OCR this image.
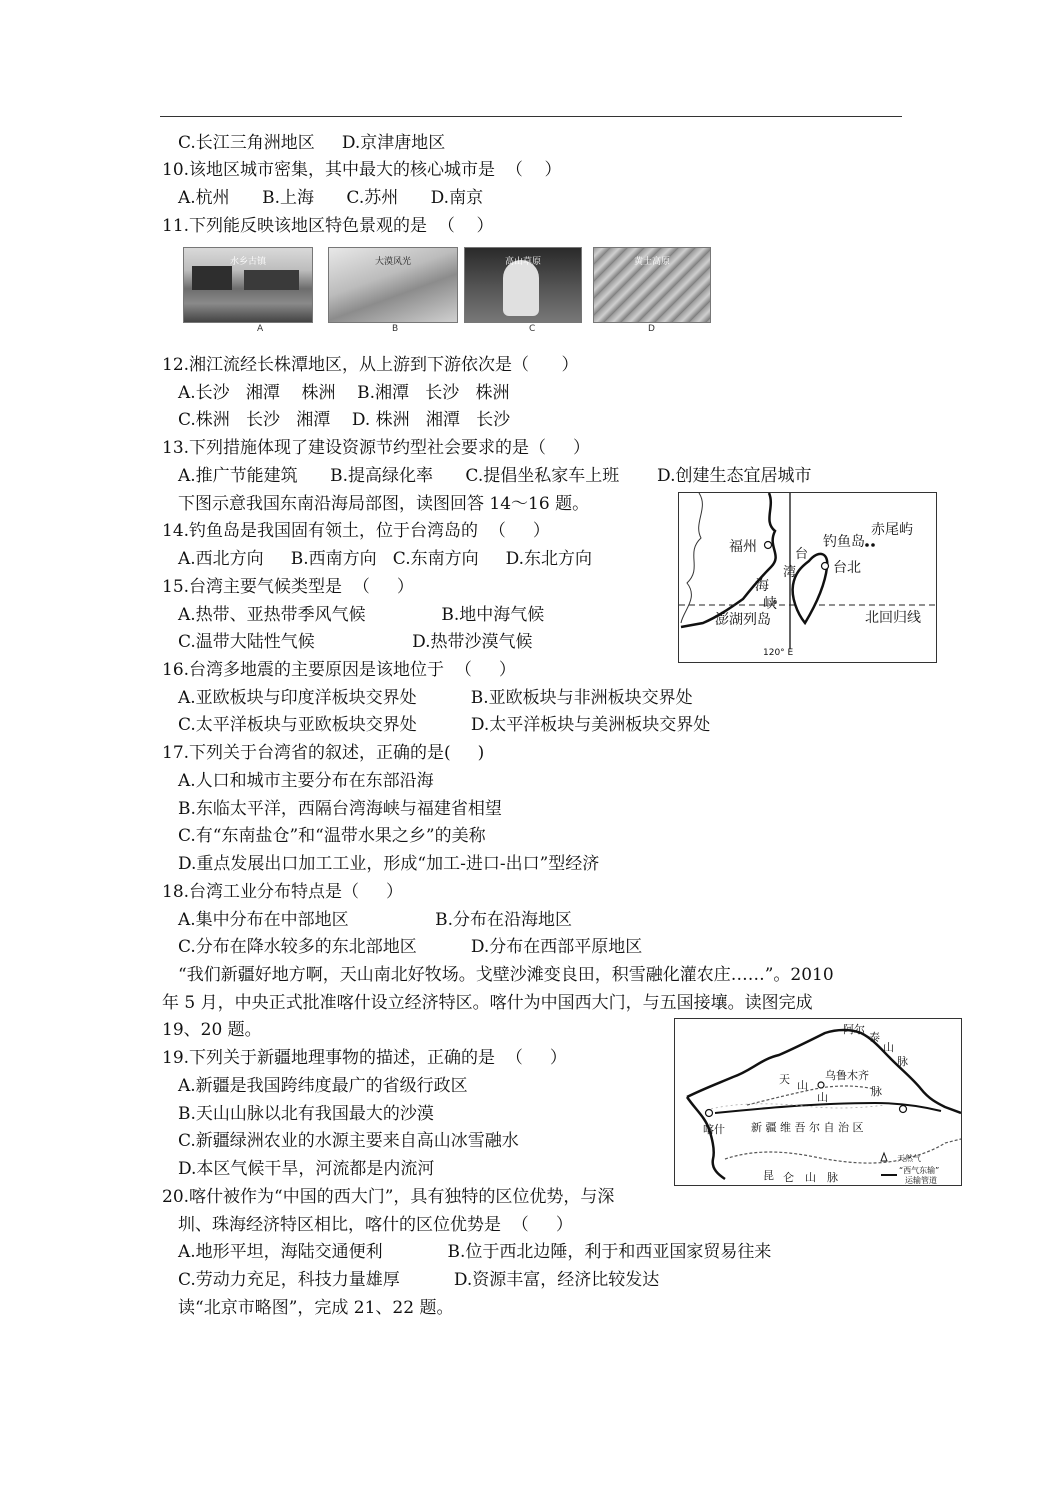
C.长江三角洲地区     D.京津唐地区
10.该地区城市密集，其中最大的核心城市是  （    ）
A.杭州      B.上海      C.苏州      D.南京
11.下列能反映该地区特色景观的是  （    ）
水乡古镇	大漠风光	高山草原	黄土高原
A	B	C	D
12.湘江流经长株潭地区，从上游到下游依次是（      ）
A.长沙   湘潭    株洲    B.湘潭   长沙   株洲
C.株洲   长沙   湘潭    D. 株洲   湘潭   长沙
13.下列措施体现了建设资源节约型社会要求的是（     ）
A.推广节能建筑      B.提高绿化率      C.提倡坐私家车上班       D.创建生态宜居城市
下图示意我国东南沿海局部图，读图回答 14～16 题。
14.钓鱼岛是我国固有领土，位于台湾岛的  （     ）
A.西北方向     B.西南方向   C.东南方向     D.东北方向
15.台湾主要气候类型是  （     ）
A.热带、亚热带季风气候              B.地中海气候
C.温带大陆性气候                  D.热带沙漠气候
16.台湾多地震的主要原因是该地位于  （     ）
A.亚欧板块与印度洋板块交界处          B.亚欧板块与非洲板块交界处
C.太平洋板块与亚欧板块交界处          D.太平洋板块与美洲板块交界处
17.下列关于台湾省的叙述，正确的是(     )
A.人口和城市主要分布在东部沿海
B.东临太平洋，西隔台湾海峡与福建省相望
C.有“东南盐仓”和“温带水果之乡”的美称
D.重点发展出口加工工业，形成“加工-进口-出口”型经济
18.台湾工业分布特点是（     ）
A.集中分布在中部地区                B.分布在沿海地区
C.分布在降水较多的东北部地区          D.分布在西部平原地区
“我们新疆好地方啊，天山南北好牧场。戈壁沙滩变良田，积雪融化灌农庄……”。2010
年 5 月，中央正式批准喀什设立经济特区。喀什为中国西大门，与五国接壤。读图完成
19、20 题。
19.下列关于新疆地理事物的描述，正确的是  （     ）
A.新疆是我国跨纬度最广的省级行政区
B.天山山脉以北有我国最大的沙漠
C.新疆绿洲农业的水源主要来自高山冰雪融水
D.本区气候干旱，河流都是内流河
20.喀什被作为“中国的西大门”，具有独特的区位优势，与深
圳、珠海经济特区相比，喀什的区位优势是  （     ）
A.地形平坦，海陆交通便利            B.位于西北边陲，利于和西亚国家贸易往来
C.劳动力充足，科技力量雄厚          D.资源丰富，经济比较发达
读“北京市略图”，完成 21、22 题。
福州	钓鱼岛
赤尾屿
台北
台
湾
海
峡
澎湖列岛	北回归线
120° E
阿尔
泰
山
脉
天 山
山	脉
乌鲁木齐
喀什 新 疆 维 吾 尔 自 治 区
昆 仑 山 脉
天然气
“西气东输”
运输管道
